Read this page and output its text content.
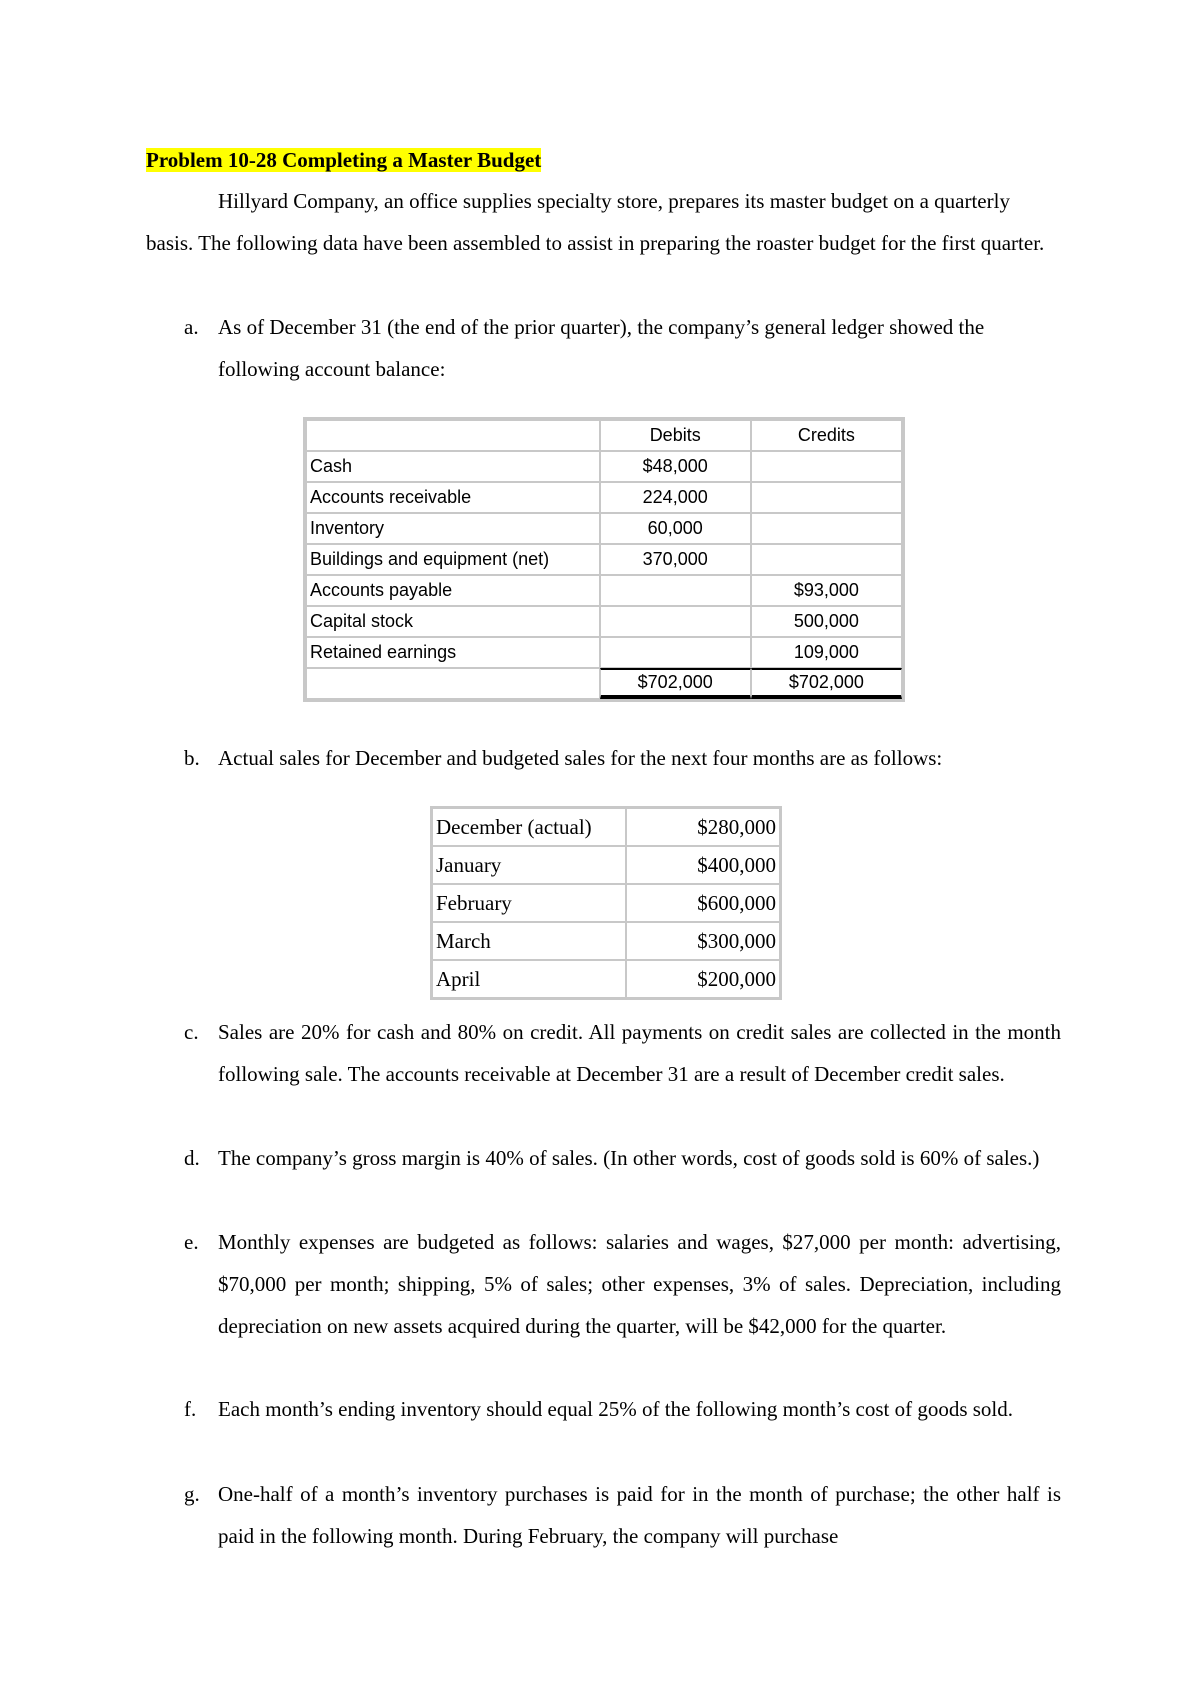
Problem 10-28 Completing a Master Budget

Hillyard Company, an office supplies specialty store, prepares its master budget on a quarterly basis. The following data have been assembled to assist in preparing the roaster budget for the first quarter.

a. As of December 31 (the end of the prior quarter), the company’s general ledger showed the following account balance:
	Debits	Credits
Cash	$48,000	
Accounts receivable	224,000	
Inventory	60,000	
Buildings and equipment (net)	370,000	
Accounts payable		$93,000
Capital stock		500,000
Retained earnings		109,000
	$702,000	$702,000
b. Actual sales for December and budgeted sales for the next four months are as follows:
December (actual)	$280,000
January	$400,000
February	$600,000
March	$300,000
April	$200,000
c. Sales are 20% for cash and 80% on credit. All payments on credit sales are collected in the month following sale. The accounts receivable at December 31 are a result of December credit sales.
d. The company’s gross margin is 40% of sales. (In other words, cost of goods sold is 60% of sales.)
e. Monthly expenses are budgeted as follows: salaries and wages, $27,000 per month: advertising, $70,000 per month; shipping, 5% of sales; other expenses, 3% of sales. Depreciation, including depreciation on new assets acquired during the quarter, will be $42,000 for the quarter.
f. Each month’s ending inventory should equal 25% of the following month’s cost of goods sold.
g. One-half of a month’s inventory purchases is paid for in the month of purchase; the other half is paid in the following month. During February, the company will purchase
